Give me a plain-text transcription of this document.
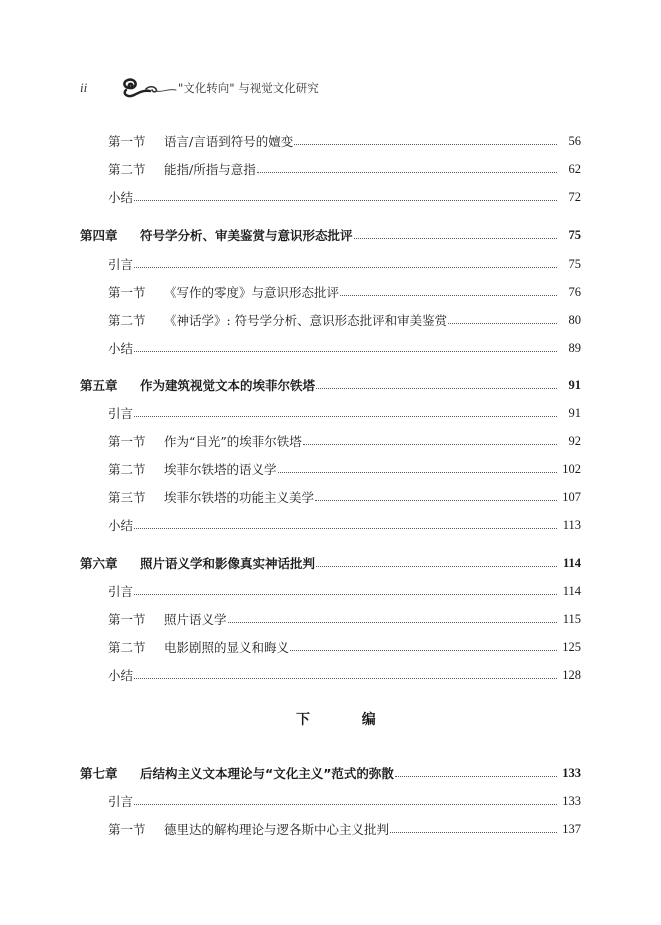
ii	"文化转向" 与视觉文化研究
第一节	语言/言语到符号的嬗变	56
第二节	能指/所指与意指	62
小结	72
第四章	符号学分析、审美鉴赏与意识形态批评	75
引言	75
第一节	《写作的零度》与意识形态批评	76
第二节	《神话学》: 符号学分析、意识形态批评和审美鉴赏	80
小结	89
第五章	作为建筑视觉文本的埃菲尔铁塔	91
引言	91
第一节	作为“目光”的埃菲尔铁塔	92
第二节	埃菲尔铁塔的语义学	102
第三节	埃菲尔铁塔的功能主义美学	107
小结	113
第六章	照片语义学和影像真实神话批判	114
引言	114
第一节	照片语义学	115
第二节	电影剧照的显义和晦义	125
小结	128
下	编
第七章	后结构主义文本理论与“文化主义”范式的弥散	133
引言	133
第一节	德里达的解构理论与逻各斯中心主义批判	137
